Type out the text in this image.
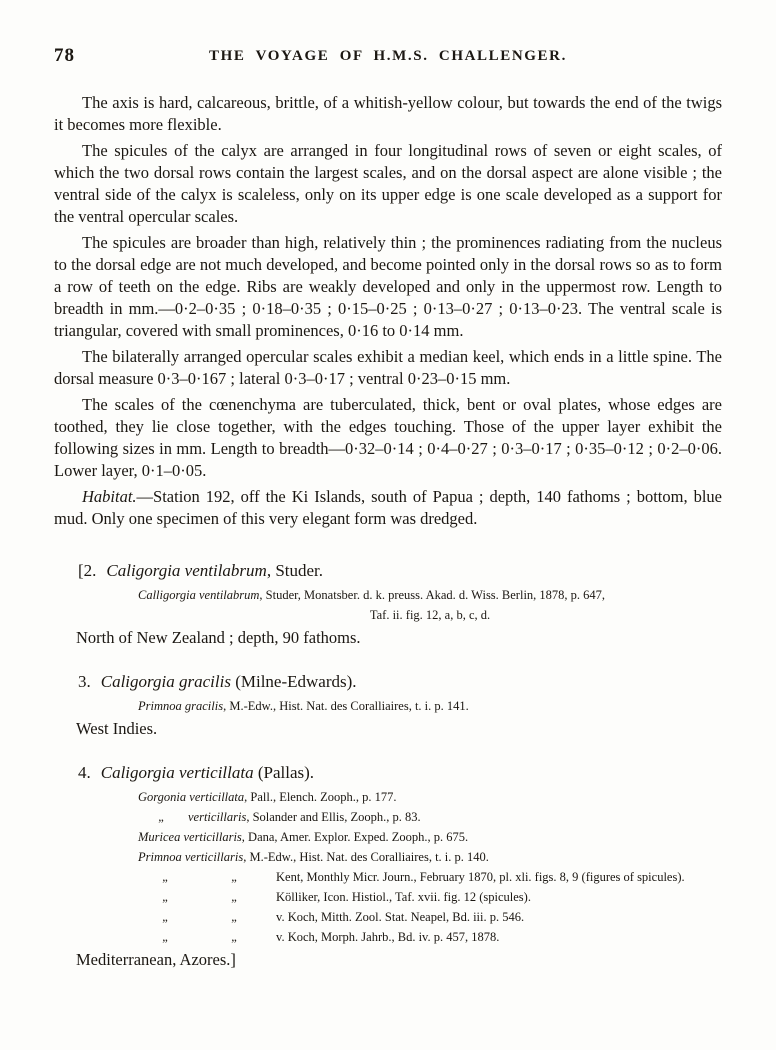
78	THE VOYAGE OF H.M.S. CHALLENGER.

The axis is hard, calcareous, brittle, of a whitish-yellow colour, but towards the end of the twigs it becomes more flexible.

The spicules of the calyx are arranged in four longitudinal rows of seven or eight scales, of which the two dorsal rows contain the largest scales, and on the dorsal aspect are alone visible ; the ventral side of the calyx is scaleless, only on its upper edge is one scale developed as a support for the ventral opercular scales.

The spicules are broader than high, relatively thin ; the prominences radiating from the nucleus to the dorsal edge are not much developed, and become pointed only in the dorsal rows so as to form a row of teeth on the edge. Ribs are weakly developed and only in the uppermost row. Length to breadth in mm.—0·2–0·35 ; 0·18–0·35 ; 0·15–0·25 ; 0·13–0·27 ; 0·13–0·23. The ventral scale is triangular, covered with small prominences, 0·16 to 0·14 mm.

The bilaterally arranged opercular scales exhibit a median keel, which ends in a little spine. The dorsal measure 0·3–0·167 ; lateral 0·3–0·17 ; ventral 0·23–0·15 mm.

The scales of the cœnenchyma are tuberculated, thick, bent or oval plates, whose edges are toothed, they lie close together, with the edges touching. Those of the upper layer exhibit the following sizes in mm. Length to breadth—0·32–0·14 ; 0·4–0·27 ; 0·3–0·17 ; 0·35–0·12 ; 0·2–0·06. Lower layer, 0·1–0·05.

Habitat.—Station 192, off the Ki Islands, south of Papua ; depth, 140 fathoms ; bottom, blue mud. Only one specimen of this very elegant form was dredged.

[2. Caligorgia ventilabrum, Studer.
Calligorgia ventilabrum, Studer, Monatsber. d. k. preuss. Akad. d. Wiss. Berlin, 1878, p. 647,
Taf. ii. fig. 12, a, b, c, d.
North of New Zealand ; depth, 90 fathoms.
3. Caligorgia gracilis (Milne-Edwards).
Primnoa gracilis, M.-Edw., Hist. Nat. des Coralliaires, t. i. p. 141.
West Indies.
4. Caligorgia verticillata (Pallas).
Gorgonia verticillata, Pall., Elench. Zooph., p. 177.
„ verticillaris, Solander and Ellis, Zooph., p. 83.
Muricea verticillaris, Dana, Amer. Explor. Exped. Zooph., p. 675.
Primnoa verticillaris, M.-Edw., Hist. Nat. des Coralliaires, t. i. p. 140.
„	„	Kent, Monthly Micr. Journ., February 1870, pl. xli. figs. 8, 9 (figures of spicules).
„	„	Kölliker, Icon. Histiol., Taf. xvii. fig. 12 (spicules).
„	„	v. Koch, Mitth. Zool. Stat. Neapel, Bd. iii. p. 546.
„	„	v. Koch, Morph. Jahrb., Bd. iv. p. 457, 1878.
Mediterranean, Azores.]
